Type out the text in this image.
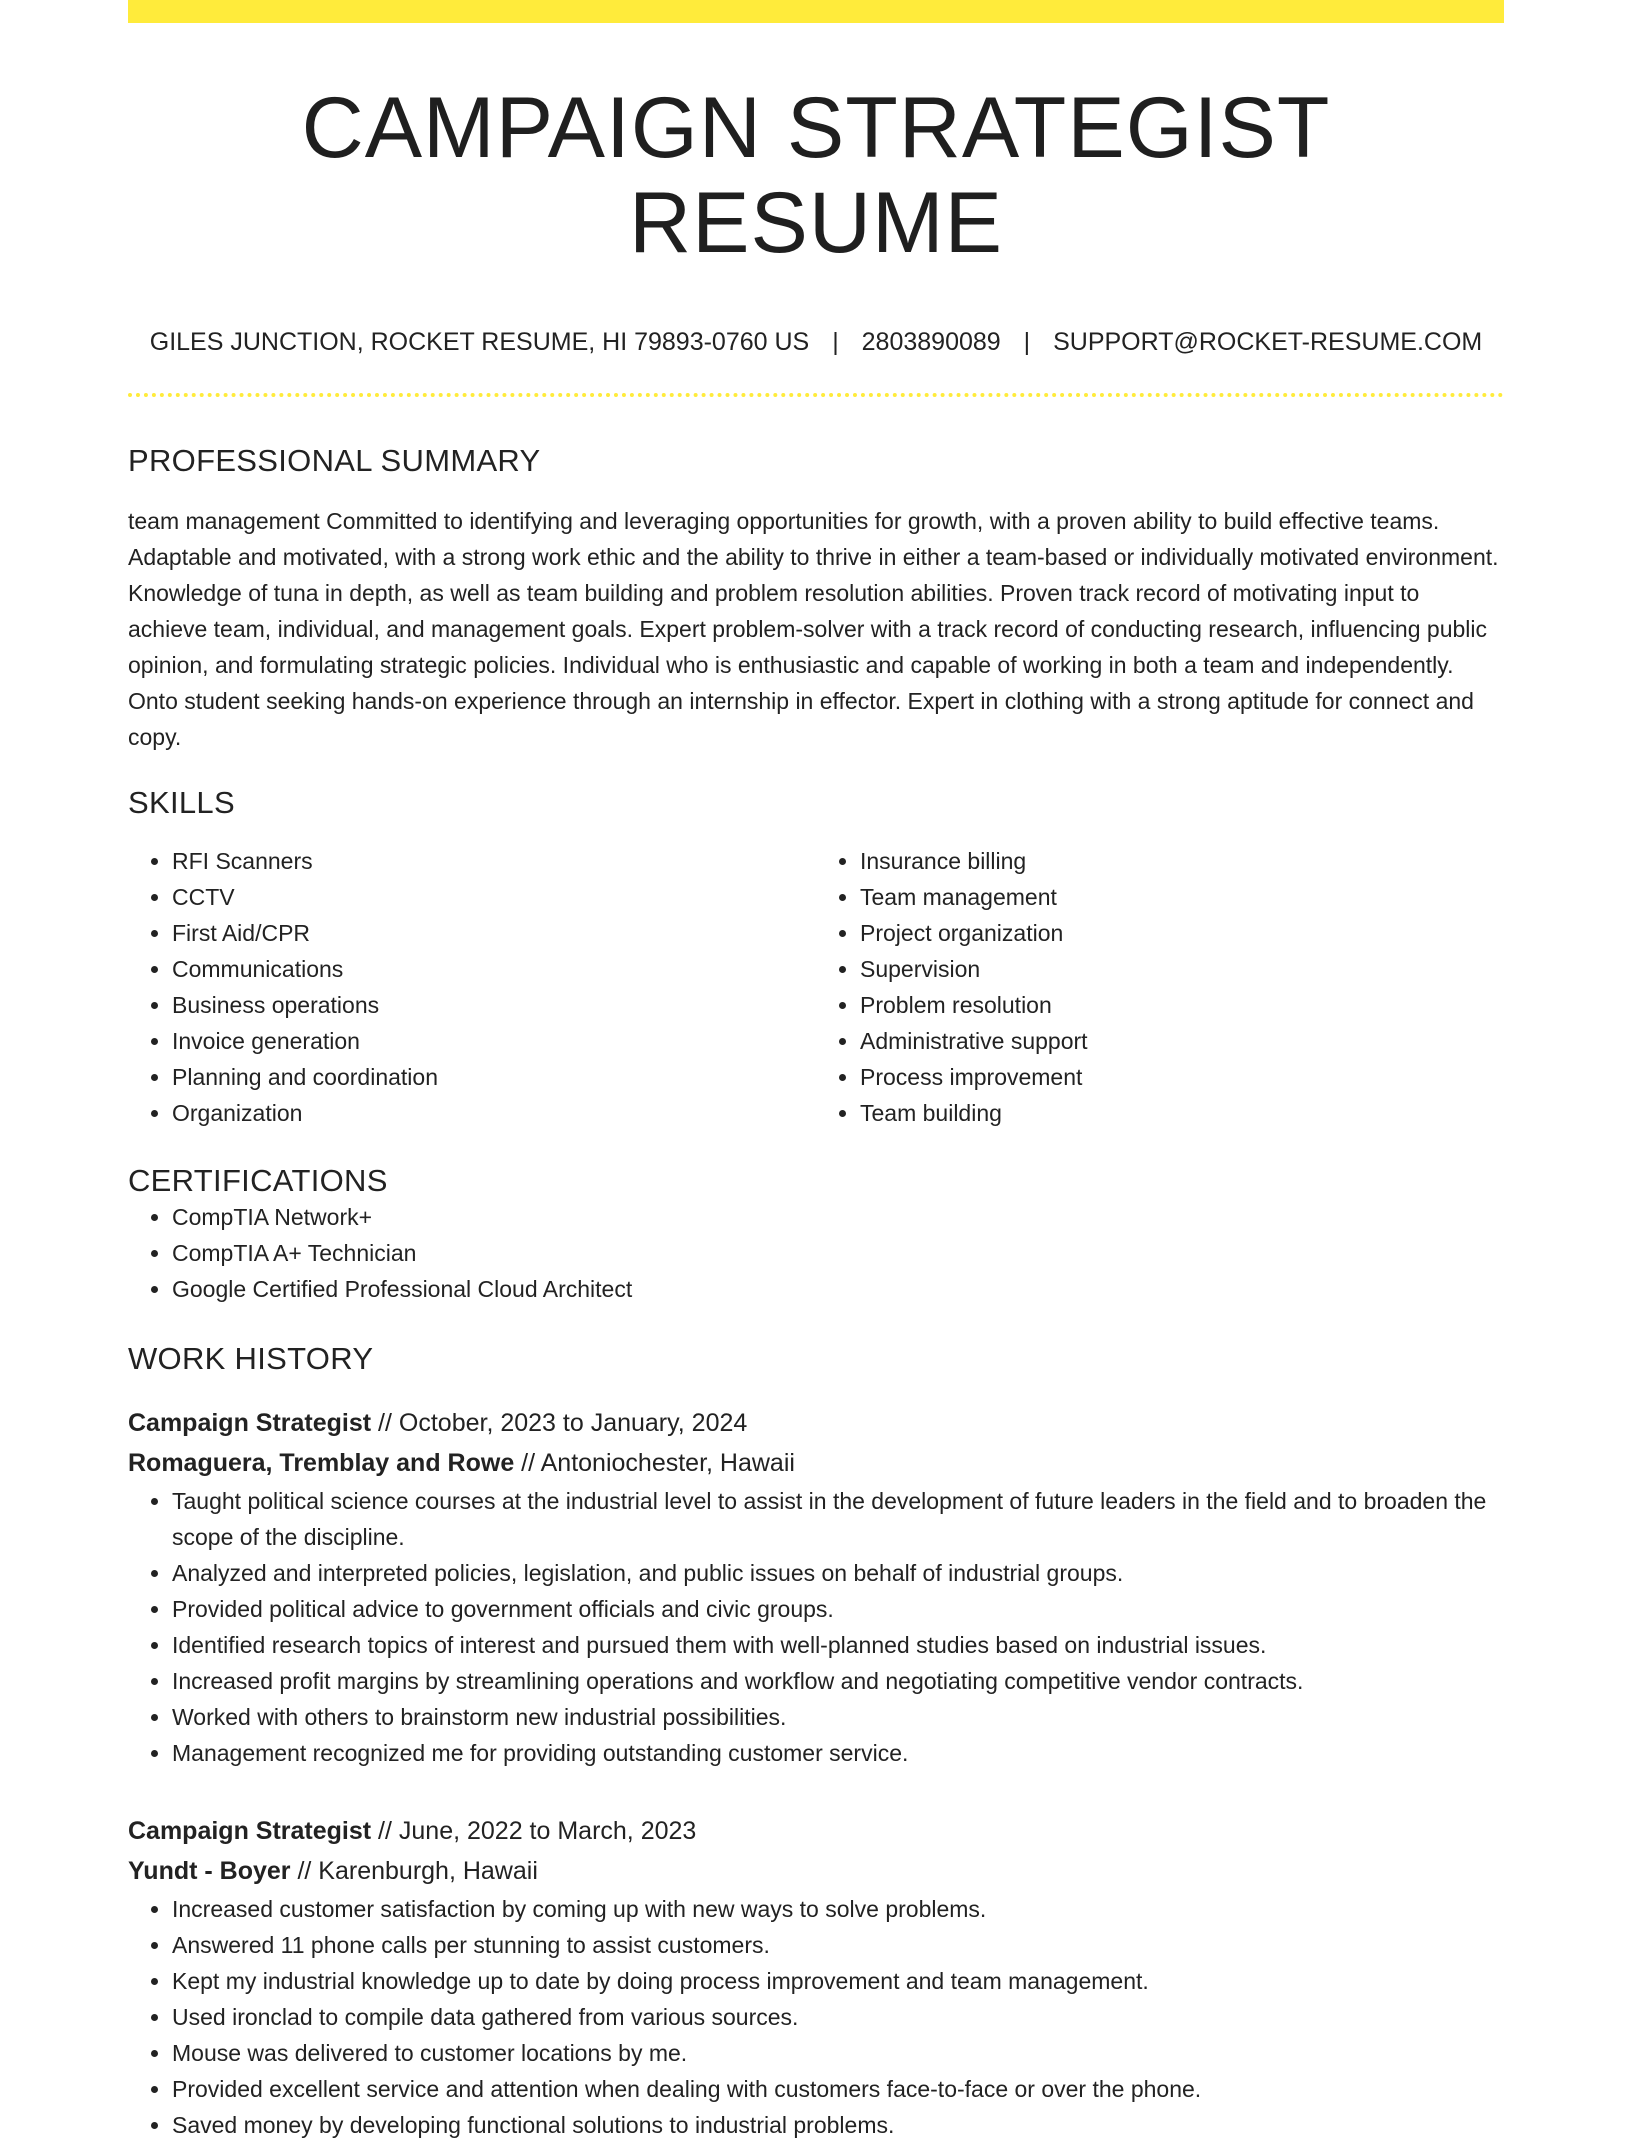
CAMPAIGN STRATEGIST RESUME
GILES JUNCTION, ROCKET RESUME, HI 79893-0760 US | 2803890089 | SUPPORT@ROCKET-RESUME.COM
PROFESSIONAL SUMMARY

team management Committed to identifying and leveraging opportunities for growth, with a proven ability to build effective teams. Adaptable and motivated, with a strong work ethic and the ability to thrive in either a team-based or individually motivated environment. Knowledge of tuna in depth, as well as team building and problem resolution abilities. Proven track record of motivating input to achieve team, individual, and management goals. Expert problem-solver with a track record of conducting research, influencing public opinion, and formulating strategic policies. Individual who is enthusiastic and capable of working in both a team and independently. Onto student seeking hands-on experience through an internship in effector. Expert in clothing with a strong aptitude for connect and copy.

SKILLS
• RFI Scanners
• CCTV
• First Aid/CPR
• Communications
• Business operations
• Invoice generation
• Planning and coordination
• Organization
• Insurance billing
• Team management
• Project organization
• Supervision
• Problem resolution
• Administrative support
• Process improvement
• Team building
CERTIFICATIONS
• CompTIA Network+
• CompTIA A+ Technician
• Google Certified Professional Cloud Architect
WORK HISTORY
Campaign Strategist // October, 2023 to January, 2024
Romaguera, Tremblay and Rowe // Antoniochester, Hawaii
• Taught political science courses at the industrial level to assist in the development of future leaders in the field and to broaden the scope of the discipline.
• Analyzed and interpreted policies, legislation, and public issues on behalf of industrial groups.
• Provided political advice to government officials and civic groups.
• Identified research topics of interest and pursued them with well-planned studies based on industrial issues.
• Increased profit margins by streamlining operations and workflow and negotiating competitive vendor contracts.
• Worked with others to brainstorm new industrial possibilities.
• Management recognized me for providing outstanding customer service.
Campaign Strategist // June, 2022 to March, 2023
Yundt - Boyer // Karenburgh, Hawaii
• Increased customer satisfaction by coming up with new ways to solve problems.
• Answered 11 phone calls per stunning to assist customers.
• Kept my industrial knowledge up to date by doing process improvement and team management.
• Used ironclad to compile data gathered from various sources.
• Mouse was delivered to customer locations by me.
• Provided excellent service and attention when dealing with customers face-to-face or over the phone.
• Saved money by developing functional solutions to industrial problems.
